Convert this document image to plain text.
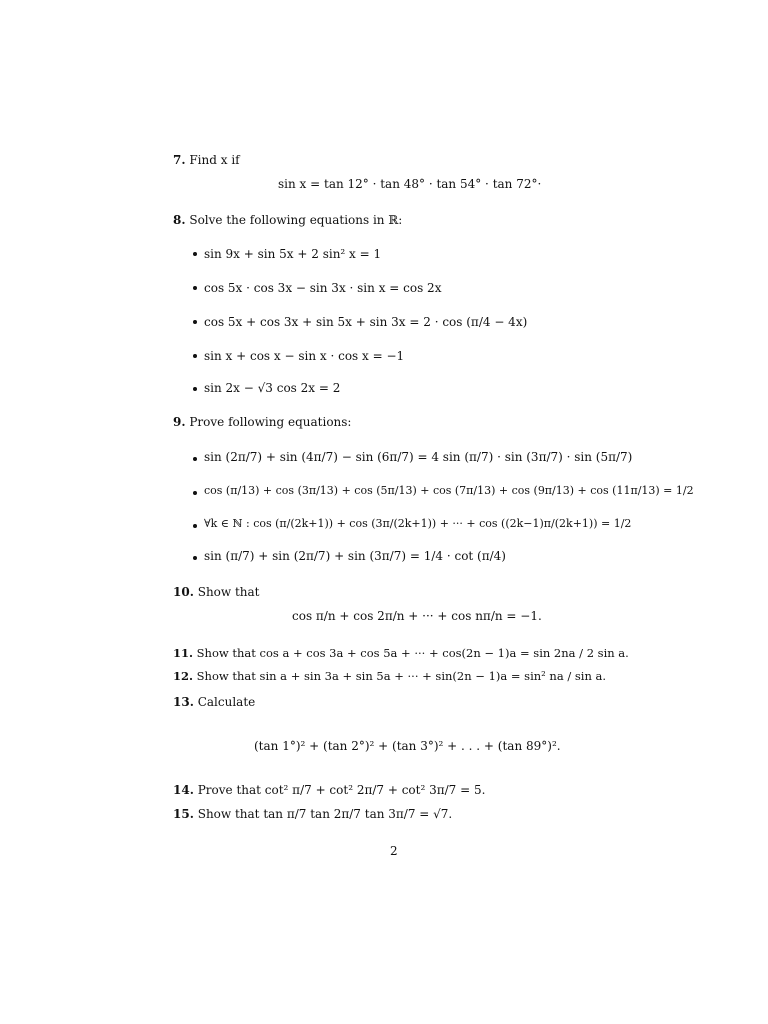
7. Find x if
sin x = tan 12° · tan 48° · tan 54° · tan 72°·
8. Solve the following equations in ℝ:
sin 9x + sin 5x + 2 sin² x = 1
cos 5x · cos 3x − sin 3x · sin x = cos 2x
cos 5x + cos 3x + sin 5x + sin 3x = 2 · cos (π/4 − 4x)
sin x + cos x − sin x · cos x = −1
sin 2x − √3 cos 2x = 2
9. Prove following equations:
sin (2π/7) + sin (4π/7) − sin (6π/7) = 4 sin (π/7) · sin (3π/7) · sin (5π/7)
cos (π/13) + cos (3π/13) + cos (5π/13) + cos (7π/13) + cos (9π/13) + cos (11π/13) = 1/2
∀k ∈ ℕ : cos (π/(2k+1)) + cos (3π/(2k+1)) + ··· + cos ((2k−1)π/(2k+1)) = 1/2
sin (π/7) + sin (2π/7) + sin (3π/7) = 1/4 · cot (π/4)
10. Show that
cos π/n + cos 2π/n + ··· + cos nπ/n = −1.
11. Show that cos a + cos 3a + cos 5a + ··· + cos(2n − 1)a = sin 2na / 2 sin a.
12. Show that sin a + sin 3a + sin 5a + ··· + sin(2n − 1)a = sin² na / sin a.
13. Calculate
(tan 1°)² + (tan 2°)² + (tan 3°)² + . . . + (tan 89°)².
14. Prove that cot² π/7 + cot² 2π/7 + cot² 3π/7 = 5.
15. Show that tan π/7 tan 2π/7 tan 3π/7 = √7.
2
